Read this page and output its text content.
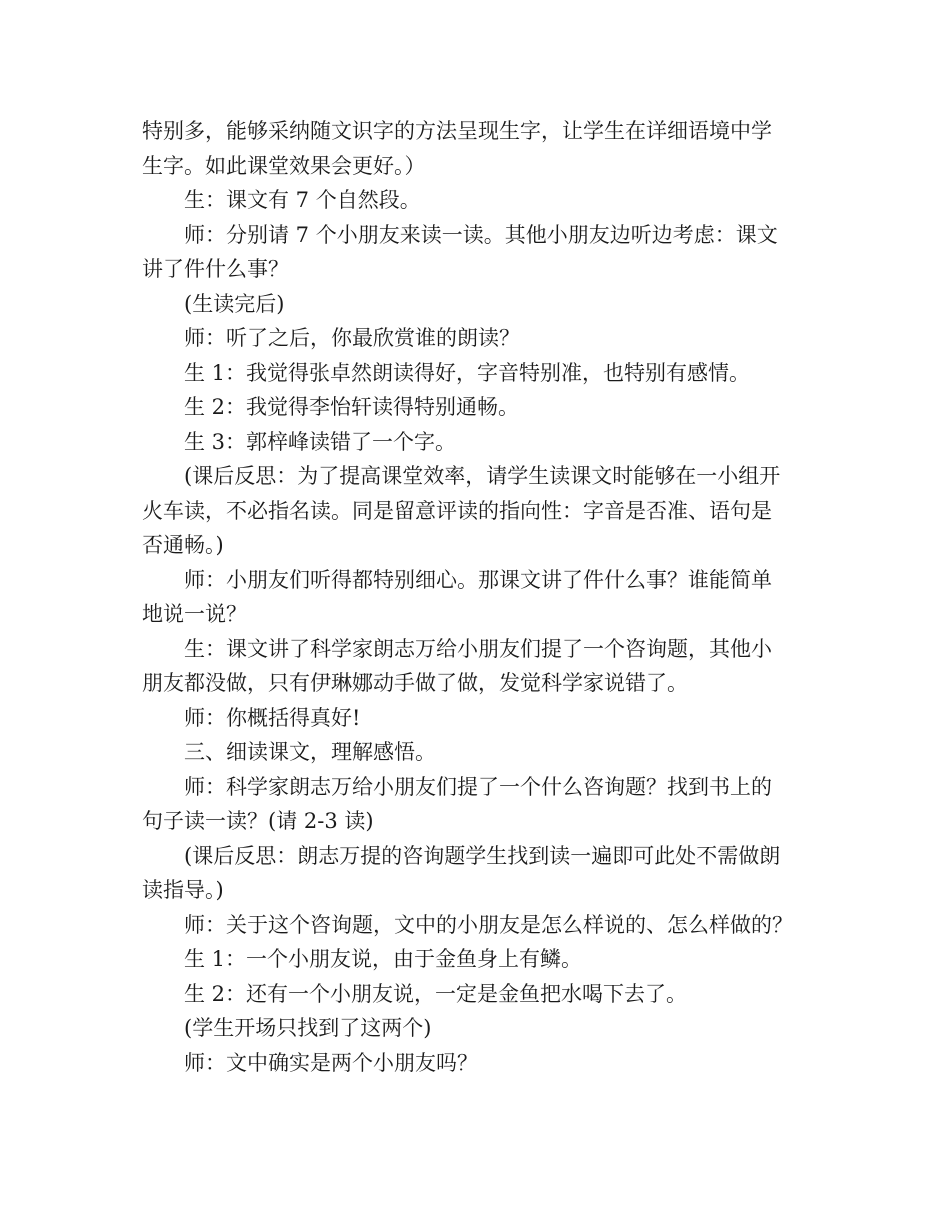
特别多，能够采纳随文识字的方法呈现生字，让学生在详细语境中学

生字。如此课堂效果会更好。）

生：课文有 7 个自然段。

师：分别请 7 个小朋友来读一读。其他小朋友边听边考虑：课文

讲了件什么事？

(生读完后)

师：听了之后，你最欣赏谁的朗读？

生 1：我觉得张卓然朗读得好，字音特别准，也特别有感情。

生 2：我觉得李怡轩读得特别通畅。

生 3：郭梓峰读错了一个字。

(课后反思：为了提高课堂效率，请学生读课文时能够在一小组开

火车读，不必指名读。同是留意评读的指向性：字音是否准、语句是

否通畅。)

师：小朋友们听得都特别细心。那课文讲了件什么事？谁能简单

地说一说？

生：课文讲了科学家朗志万给小朋友们提了一个咨询题，其他小

朋友都没做，只有伊琳娜动手做了做，发觉科学家说错了。

师：你概括得真好!

三、细读课文，理解感悟。

师：科学家朗志万给小朋友们提了一个什么咨询题？找到书上的

句子读一读？(请 2-3 读)

(课后反思：朗志万提的咨询题学生找到读一遍即可此处不需做朗

读指导。)

师：关于这个咨询题，文中的小朋友是怎么样说的、怎么样做的？

生 1：一个小朋友说，由于金鱼身上有鳞。

生 2：还有一个小朋友说，一定是金鱼把水喝下去了。

(学生开场只找到了这两个)

师：文中确实是两个小朋友吗？
